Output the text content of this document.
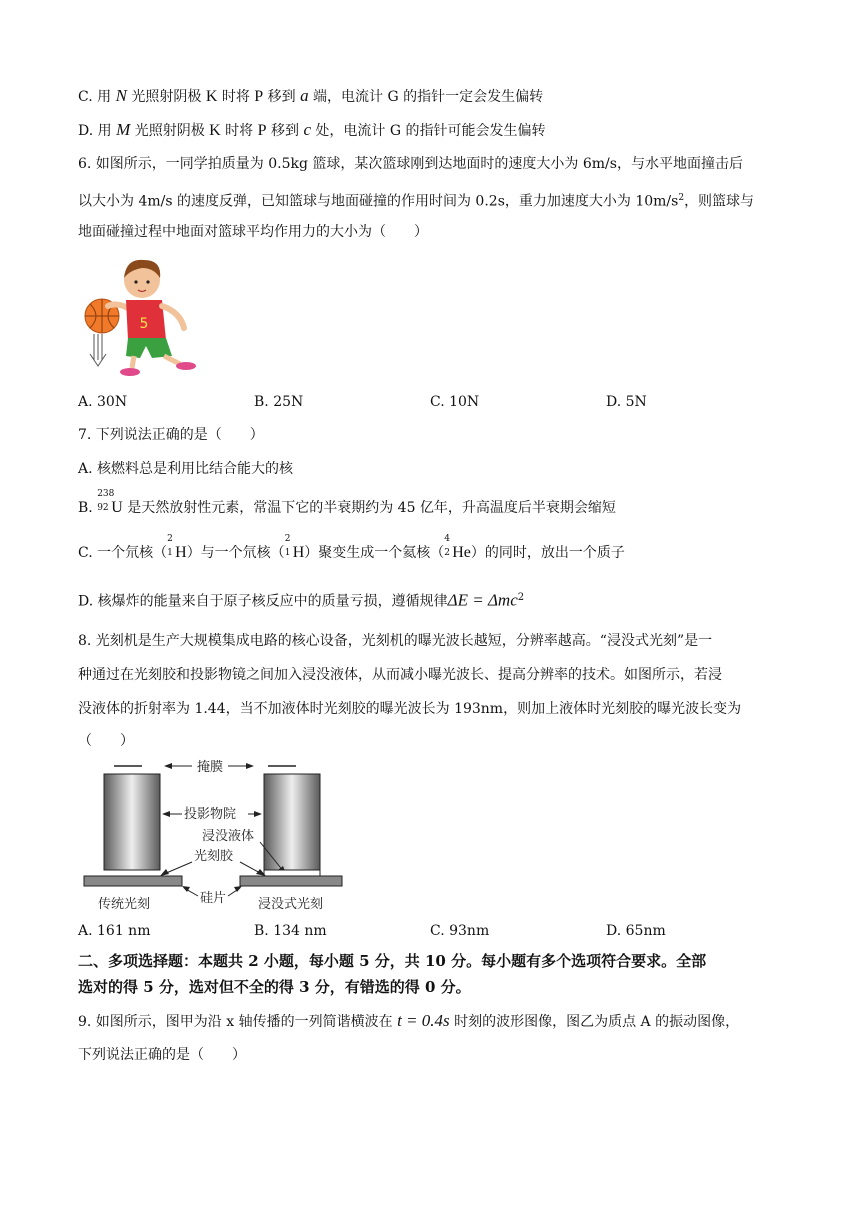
C. 用 N 光照射阴极 K 时将 P 移到 a 端，电流计 G 的指针一定会发生偏转
D. 用 M 光照射阴极 K 时将 P 移到 c 处，电流计 G 的指针可能会发生偏转
6. 如图所示，一同学拍质量为 0.5kg 篮球，某次篮球刚到达地面时的速度大小为 6m/s，与水平地面撞击后
以大小为 4m/s 的速度反弹，已知篮球与地面碰撞的作用时间为 0.2s，重力加速度大小为 $10m/s^2$，则篮球与
地面碰撞过程中地面对篮球平均作用力的大小为（　　）
5
A. 30N	B. 25N	C. 10N	D. 5N
7. 下列说法正确的是（　　）
A. 核燃料总是利用比结合能大的核
B.
238
92 U 是天然放射性元素，常温下它的半衰期约为 45 亿年，升高温度后半衰期会缩短
C. 一个氘核（
2
1 H）与一个氘核（
2
1 H）聚变生成一个氦核（
4
2 He）的同时，放出一个质子
D. 核爆炸的能量来自于原子核反应中的质量亏损，遵循规律ΔE = Δmc$^2$
8. 光刻机是生产大规模集成电路的核心设备，光刻机的曝光波长越短，分辨率越高。“浸没式光刻”是一
种通过在光刻胶和投影物镜之间加入浸没液体，从而减小曝光波长、提高分辨率的技术。如图所示，若浸
没液体的折射率为 1.44，当不加液体时光刻胶的曝光波长为 193nm，则加上液体时光刻胶的曝光波长变为
（　　）
掩膜
投影物院
浸没液体
光刻胶
硅片
传统光刻	浸没式光刻
A. 161 nm	B. 134 nm	C. 93nm	D. 65nm
二、多项选择题：本题共 2 小题，每小题 5 分，共 10 分。每小题有多个选项符合要求。全部
选对的得 5 分，选对但不全的得 3 分，有错选的得 0 分。
9. 如图所示，图甲为沿 x 轴传播的一列简谐横波在 t = 0.4s 时刻的波形图像，图乙为质点 A 的振动图像，
下列说法正确的是（　　）
